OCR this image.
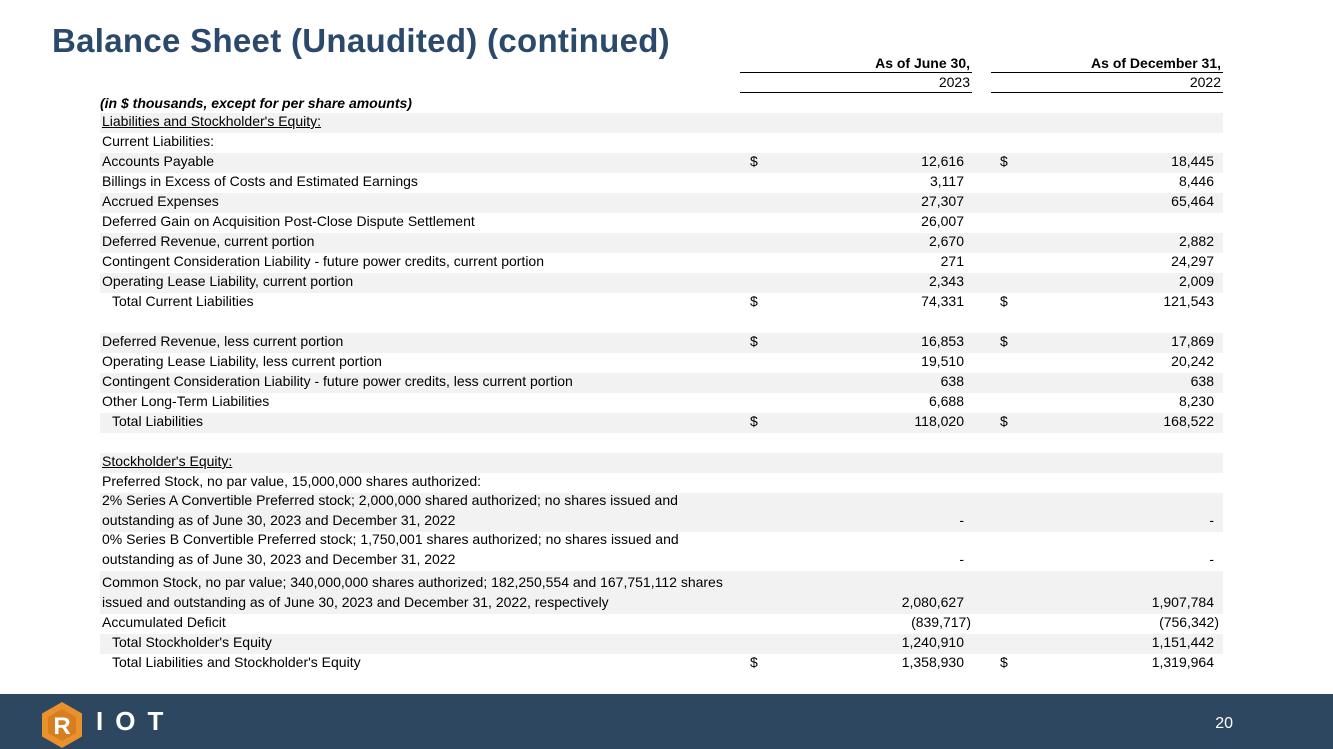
Balance Sheet (Unaudited) (continued)
As of June 30,
2023
As of December 31,
2022
(in $ thousands, except for per share amounts)
Liabilities and Stockholder's Equity:
Current Liabilities:
Accounts Payable	$	12,616	$	18,445
Billings in Excess of Costs and Estimated Earnings	3,117	8,446
Accrued Expenses	27,307	65,464
Deferred Gain on Acquisition Post-Close Dispute Settlement	26,007
Deferred Revenue, current portion	2,670	2,882
Contingent Consideration Liability - future power credits, current portion	271	24,297
Operating Lease Liability, current portion	2,343	2,009
Total Current Liabilities	$	74,331	$	121,543
Deferred Revenue, less current portion	$	16,853	$	17,869
Operating Lease Liability, less current portion	19,510	20,242
Contingent Consideration Liability - future power credits, less current portion	638	638
Other Long-Term Liabilities	6,688	8,230
Total Liabilities	$	118,020	$	168,522
Stockholder's Equity:
Preferred Stock, no par value, 15,000,000 shares authorized:
2% Series A Convertible Preferred stock; 2,000,000 shared authorized; no shares issued and outstanding as of June 30, 2023 and December 31, 2022	-	-
0% Series B Convertible Preferred stock; 1,750,001 shares authorized; no shares issued and outstanding as of June 30, 2023 and December 31, 2022	-	-
Common Stock, no par value; 340,000,000 shares authorized; 182,250,554 and 167,751,112 shares issued and outstanding as of June 30, 2023 and December 31, 2022, respectively	2,080,627	1,907,784
Accumulated Deficit	(839,717)	(756,342)
Total Stockholder's Equity	1,240,910	1,151,442
Total Liabilities and Stockholder's Equity	$	1,358,930	$	1,319,964
R IOT	20
